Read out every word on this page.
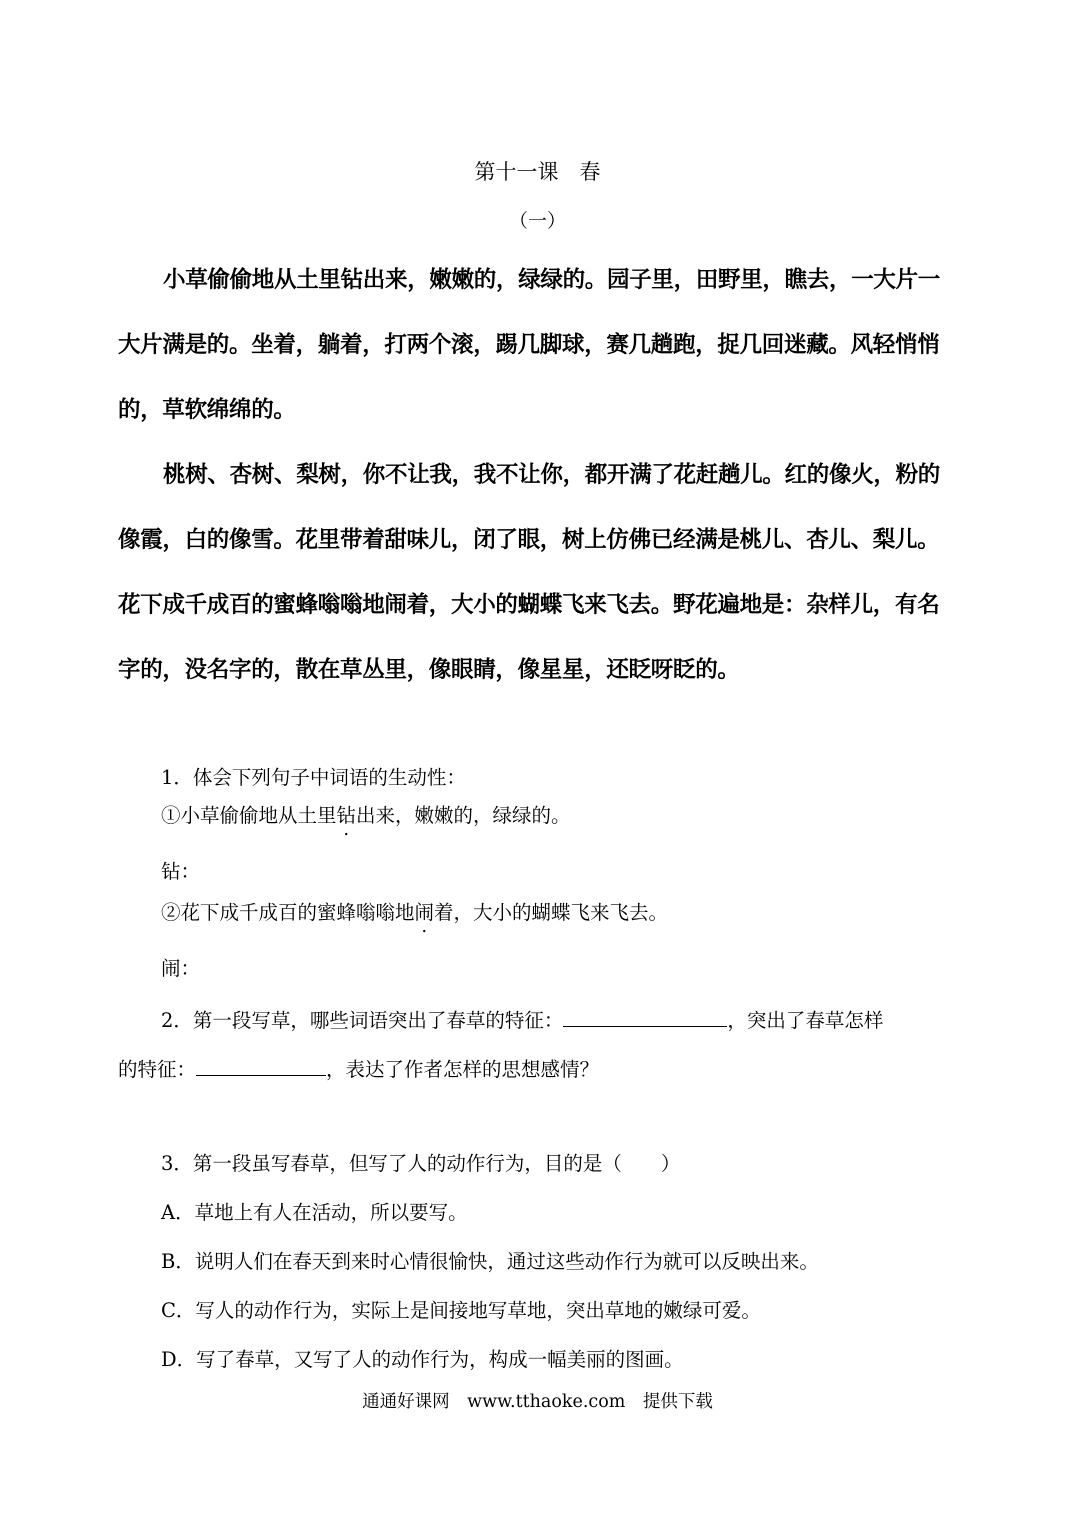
第十一课　春
（一）
小草偷偷地从土里钻出来，嫩嫩的，绿绿的。园子里，田野里，瞧去，一大片一大片满是的。坐着，躺着，打两个滚，踢几脚球，赛几趟跑，捉几回迷藏。风轻悄悄的，草软绵绵的。
桃树、杏树、梨树，你不让我，我不让你，都开满了花赶趟儿。红的像火，粉的像霞，白的像雪。花里带着甜味儿，闭了眼，树上仿佛已经满是桃儿、杏儿、梨儿。花下成千成百的蜜蜂嗡嗡地闹着，大小的蝴蝶飞来飞去。野花遍地是：杂样儿，有名字的，没名字的，散在草丛里，像眼睛，像星星，还眨呀眨的。
1．体会下列句子中词语的生动性：
①小草偷偷地从土里钻出来，嫩嫩的，绿绿的。
钻：
②花下成千成百的蜜蜂嗡嗡地闹着，大小的蝴蝶飞来飞去。
闹：
2．第一段写草，哪些词语突出了春草的特征：	，突出了春草怎样
的特征：	，表达了作者怎样的思想感情？
3．第一段虽写春草，但写了人的动作行为，目的是（　　）
A．草地上有人在活动，所以要写。
B．说明人们在春天到来时心情很愉快，通过这些动作行为就可以反映出来。
C．写人的动作行为，实际上是间接地写草地，突出草地的嫩绿可爱。
D．写了春草，又写了人的动作行为，构成一幅美丽的图画。
通通好课网　www.tthaoke.com　提供下载
